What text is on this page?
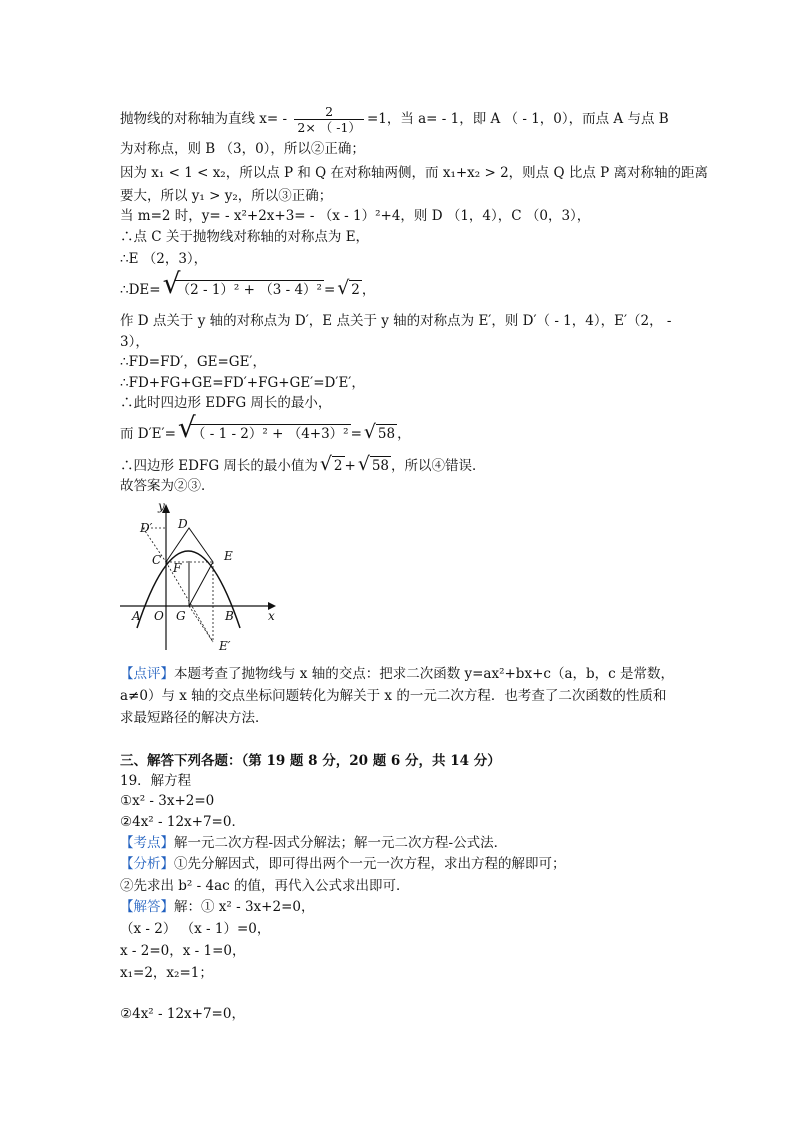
抛物线的对称轴为直线 $x= - \frac{2}{2\times ( -1)} =1$，当 a= - 1，即 A （ - 1，0），而点 A 与点 B
为对称点，则 B （3，0），所以②正确；
因为 x₁ < 1 < x₂，所以点 P 和 Q 在对称轴两侧，而 x₁+x₂ > 2，则点 Q 比点 P 离对称轴的距离
要大，所以 y₁ > y₂，所以③正确；
当 m=2 时，y= - x²+2x+3= - （x - 1）²+4，则 D （1，4），C （0，3），
∴点 C 关于抛物线对称轴的对称点为 E，
∴E （2，3），
∴DE= √
（2 - 1）² + （3 - 4）² = √ 2 ，
作 D 点关于 y 轴的对称点为 D′，E 点关于 y 轴的对称点为 E′，则 D′（ - 1，4），E′（2， -
3），
∴FD=FD′，GE=GE′，
∴FD+FG+GE=FD′+FG+GE′=D′E′，
∴此时四边形 EDFG 周长的最小，
而 D′E′= √
（ - 1 - 2）² + （4+3）² = √ 58 ，
∴四边形 EDFG 周长的最小值为 √ 2 + √ 58 ，所以④错误．
故答案为②③．
y
x
D′ D
C
F
E
A O G	B
E′
【点评】本题考查了抛物线与 x 轴的交点：把求二次函数 y=ax²+bx+c（a，b，c 是常数，
a≠0）与 x 轴的交点坐标问题转化为解关于 x 的一元二次方程．也考查了二次函数的性质和
求最短路径的解决方法．
三、解答下列各题：（第 19 题 8 分，20 题 6 分，共 14 分）
19．解方程
①x² - 3x+2=0
②4x² - 12x+7=0．
【考点】解一元二次方程-因式分解法；解一元二次方程-公式法．
【分析】①先分解因式，即可得出两个一元一次方程，求出方程的解即可；
②先求出 b² - 4ac 的值，再代入公式求出即可．
【解答】解：① x² - 3x+2=0，
（x - 2） （x - 1）=0，
x - 2=0，x - 1=0，
x₁=2，x₂=1；
②4x² - 12x+7=0，
